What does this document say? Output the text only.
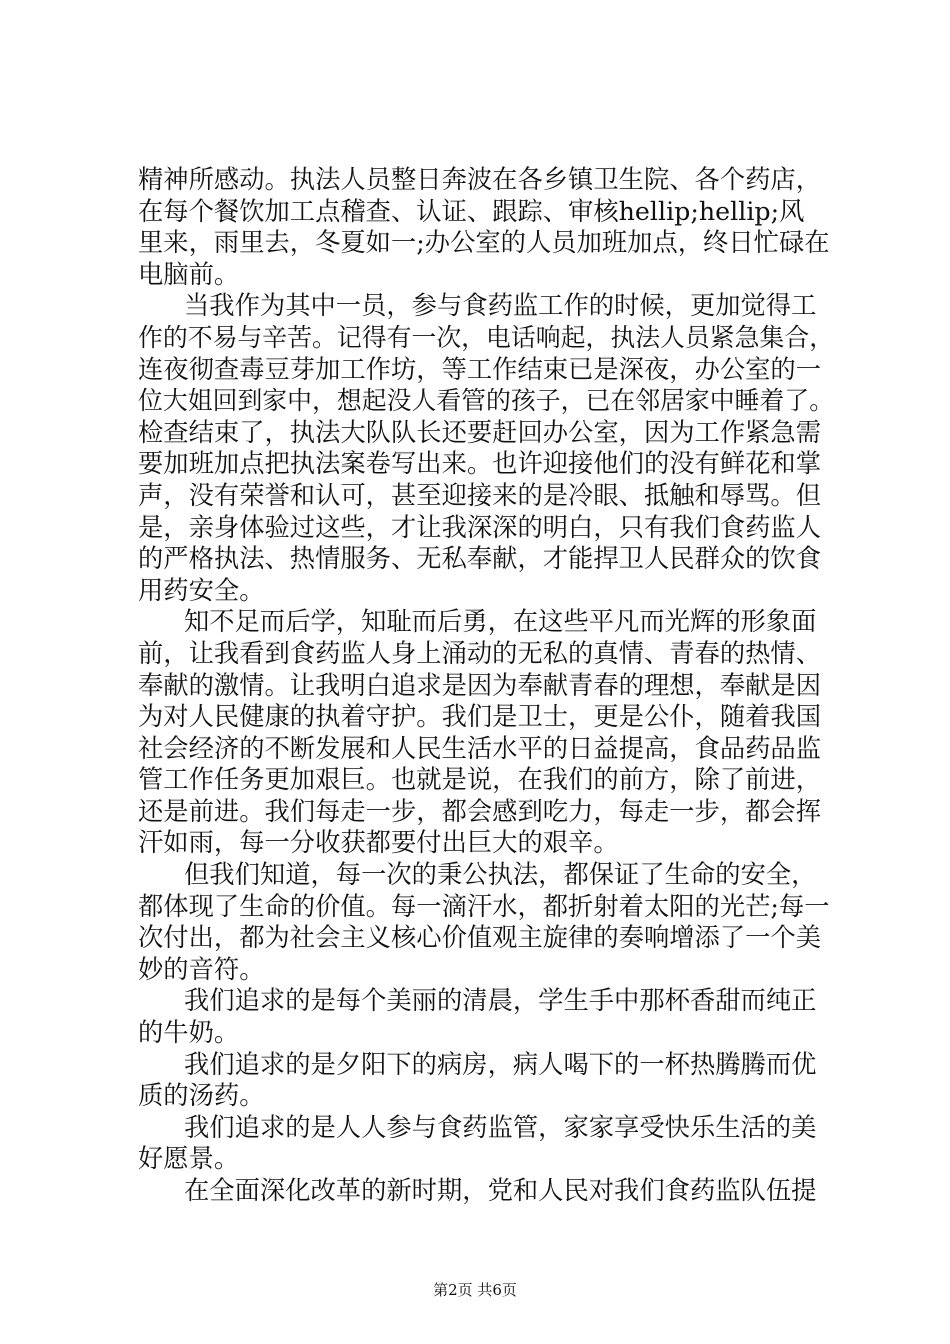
精神所感动。执法人员整日奔波在各乡镇卫生院、各个药店，
在每个餐饮加工点稽查、认证、跟踪、审核hellip;hellip;风
里来，雨里去，冬夏如一;办公室的人员加班加点，终日忙碌在
电脑前。
当我作为其中一员，参与食药监工作的时候，更加觉得工
作的不易与辛苦。记得有一次，电话响起，执法人员紧急集合，
连夜彻查毒豆芽加工作坊，等工作结束已是深夜，办公室的一
位大姐回到家中，想起没人看管的孩子，已在邻居家中睡着了。
检查结束了，执法大队队长还要赶回办公室，因为工作紧急需
要加班加点把执法案卷写出来。也许迎接他们的没有鲜花和掌
声，没有荣誉和认可，甚至迎接来的是冷眼、抵触和辱骂。但
是，亲身体验过这些，才让我深深的明白，只有我们食药监人
的严格执法、热情服务、无私奉献，才能捍卫人民群众的饮食
用药安全。
知不足而后学，知耻而后勇，在这些平凡而光辉的形象面
前，让我看到食药监人身上涌动的无私的真情、青春的热情、
奉献的激情。让我明白追求是因为奉献青春的理想，奉献是因
为对人民健康的执着守护。我们是卫士，更是公仆，随着我国
社会经济的不断发展和人民生活水平的日益提高，食品药品监
管工作任务更加艰巨。也就是说，在我们的前方，除了前进，
还是前进。我们每走一步，都会感到吃力，每走一步，都会挥
汗如雨，每一分收获都要付出巨大的艰辛。
但我们知道，每一次的秉公执法，都保证了生命的安全，
都体现了生命的价值。每一滴汗水，都折射着太阳的光芒;每一
次付出，都为社会主义核心价值观主旋律的奏响增添了一个美
妙的音符。
我们追求的是每个美丽的清晨，学生手中那杯香甜而纯正
的牛奶。
我们追求的是夕阳下的病房，病人喝下的一杯热腾腾而优
质的汤药。
我们追求的是人人参与食药监管，家家享受快乐生活的美
好愿景。
在全面深化改革的新时期，党和人民对我们食药监队伍提
第2页 共6页
